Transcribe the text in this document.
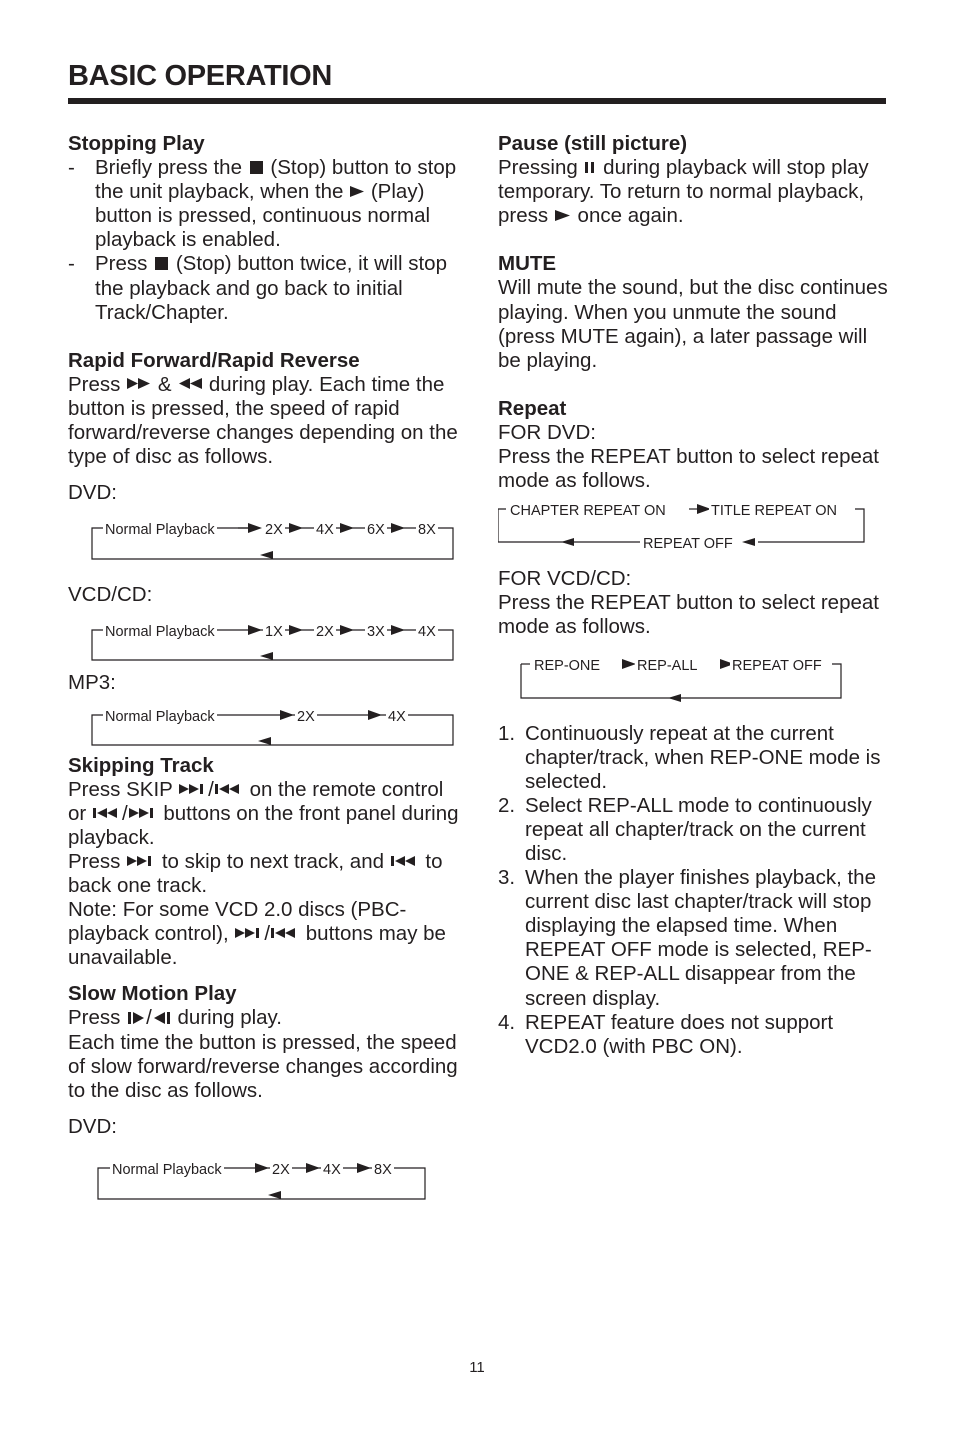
BASIC OPERATION

Stopping Play

- Briefly press the (Stop) button to stop the unit playback, when the (Play) button is pressed, continuous normal playback is enabled.
- Press (Stop) button twice, it will stop the playback and go back to initial Track/Chapter.

Rapid Forward/Rapid Reverse

Press & during play. Each time the button is pressed, the speed of rapid forward/reverse changes depending on the type of disc as follows.

DVD:

Normal Playback	2X 4X 6X 8X

VCD/CD:

Normal Playback	1X 2X 3X 4X

MP3:

Normal Playback	2X	4X

Skipping Track

Press SKIP / on the remote control or / buttons on the front panel during playback.

Press to skip to next track, and to back one track.

Note: For some VCD 2.0 discs (PBC-playback control), / buttons may be unavailable.

Slow Motion Play

Press / during play.

Each time the button is pressed, the speed of slow forward/reverse changes according to the disc as follows.

DVD:

Normal Playback	2X 4X 8X

Pause (still picture)

Pressing during playback will stop play temporary. To return to normal playback, press once again.

MUTE

Will mute the sound, but the disc continues playing. When you unmute the sound (press MUTE again), a later passage will be playing.

Repeat

FOR DVD:

Press the REPEAT button to select repeat mode as follows.

CHAPTER REPEAT ON	TITLE REPEAT ON
REPEAT OFF

FOR VCD/CD:

Press the REPEAT button to select repeat mode as follows.

REP-ONE	REP-ALL REPEAT OFF
1. Continuously repeat at the current chapter/track, when REP-ONE mode is selected.
2. Select REP-ALL mode to continuously repeat all chapter/track on the current disc.
3. When the player finishes playback, the current disc last chapter/track will stop displaying the elapsed time. When REPEAT OFF mode is selected, REP-ONE & REP-ALL disappear from the screen display.
4. REPEAT feature does not support VCD2.0 (with PBC ON).
11
